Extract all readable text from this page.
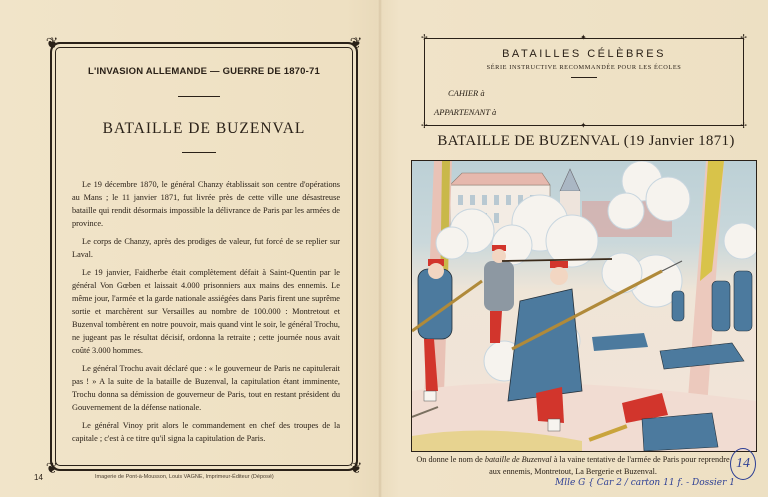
❦	❦
❦	❦
L'INVASION ALLEMANDE — GUERRE DE 1870-71
BATAILLE DE BUZENVAL

Le 19 décembre 1870, le général Chanzy établissait son centre d'opérations au Mans ; le 11 janvier 1871, fut livrée près de cette ville une désastreuse bataille qui rendit désormais impossible la délivrance de Paris par les armées de province.

Le corps de Chanzy, après des prodiges de valeur, fut forcé de se replier sur Laval.

Le 19 janvier, Faidherbe était complètement défait à Saint-Quentin par le général Von Gœben et laissait 4.000 prisonniers aux mains des ennemis. Le même jour, l'armée et la garde nationale assiégées dans Paris firent une suprême sortie et marchèrent sur Versailles au nombre de 100.000 : Montretout et Buzenval tombèrent en notre pouvoir, mais quand vint le soir, le général Trochu, ne jugeant pas le résultat décisif, ordonna la retraite ; cette journée nous avait coûté 3.000 hommes.

Le général Trochu avait déclaré que : « le gouverneur de Paris ne capitulerait pas ! » A la suite de la bataille de Buzenval, la capitulation étant imminente, Trochu donna sa démission de gouverneur de Paris, tout en restant président du Gouvernement de la défense nationale.

Le général Vinoy prit alors le commandement en chef des troupes de la capitale ; c'est à ce titre qu'il signa la capitulation de Paris.

14	Imagerie de Pont-à-Mousson, Louis VAGNE, Imprimeur-Éditeur (Déposé)
✢	✢
✢	✢
✦
✦
BATAILLES CÉLÈBRES
SÉRIE INSTRUCTIVE RECOMMANDÉE POUR LES ÉCOLES
CAHIER à
APPARTENANT à
BATAILLE DE BUZENVAL (19 Janvier 1871)
On donne le nom de bataille de Buzenval à la vaine tentative de l'armée de Paris pour reprendre aux ennemis, Montretout, La Bergerie et Buzenval.
Mlle G { Car 2 / carton 11 f. - Dossier 1
14
